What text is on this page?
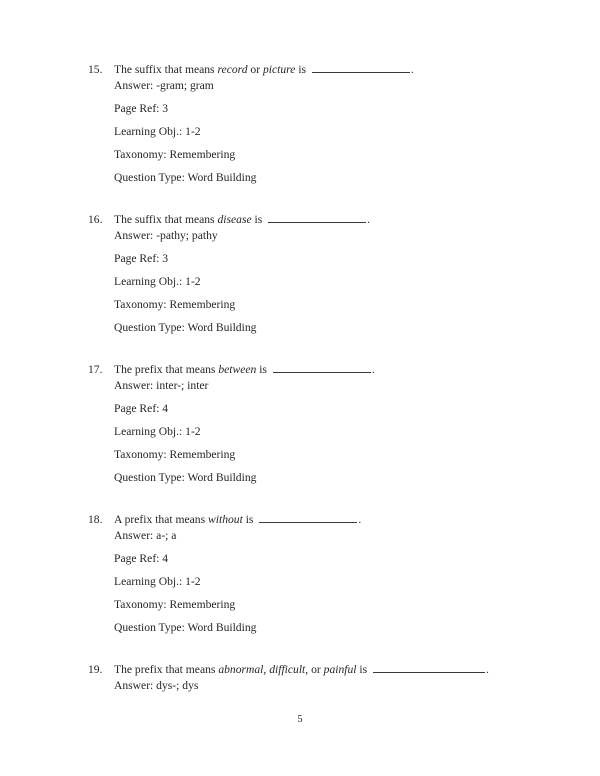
15. The suffix that means record or picture is	.
Answer: -gram; gram
Page Ref: 3
Learning Obj.: 1-2
Taxonomy: Remembering
Question Type: Word Building
16. The suffix that means disease is	.
Answer: -pathy; pathy
Page Ref: 3
Learning Obj.: 1-2
Taxonomy: Remembering
Question Type: Word Building
17. The prefix that means between is	.
Answer: inter-; inter
Page Ref: 4
Learning Obj.: 1-2
Taxonomy: Remembering
Question Type: Word Building
18. A prefix that means without is	.
Answer: a-; a
Page Ref: 4
Learning Obj.: 1-2
Taxonomy: Remembering
Question Type: Word Building
19. The prefix that means abnormal, difficult, or painful is	.
Answer: dys-; dys
5
